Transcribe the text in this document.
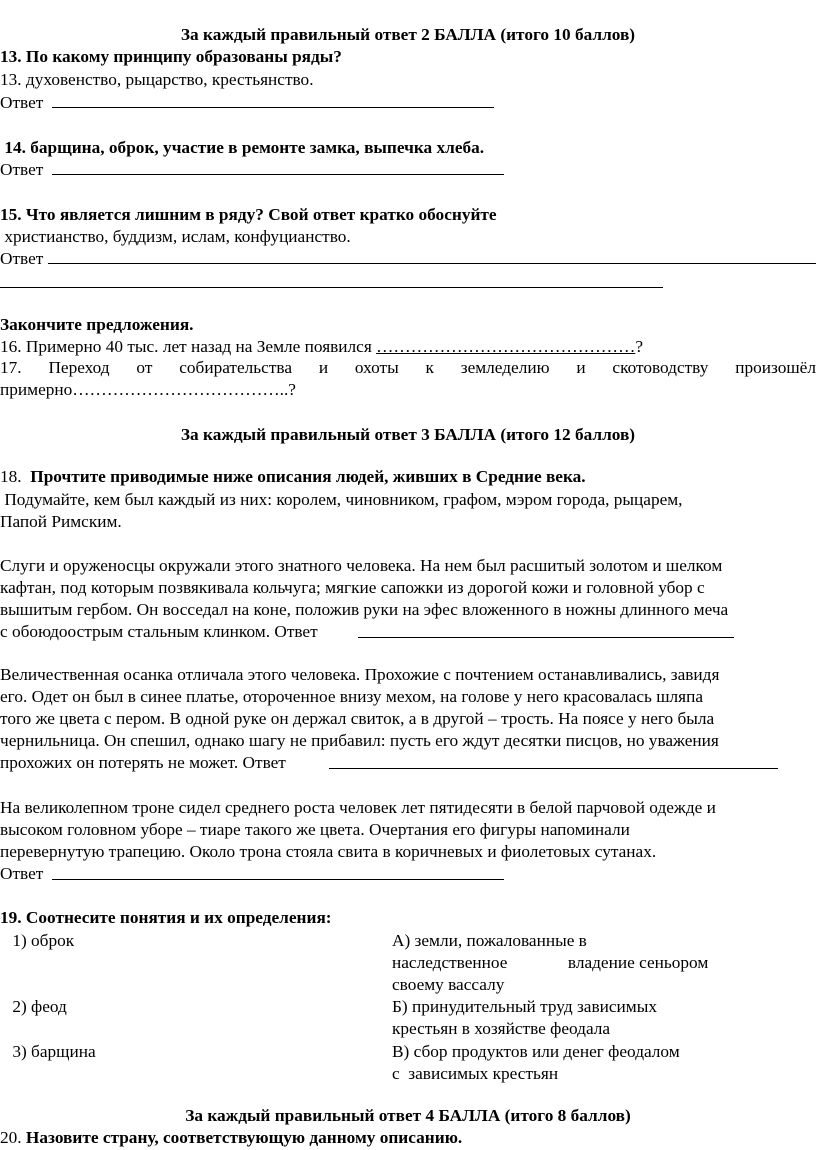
За каждый правильный ответ 2 БАЛЛА (итого 10 баллов)
13. По какому принципу образованы ряды?
13. духовенство, рыцарство, крестьянство.
Ответ
14. барщина, оброк, участие в ремонте замка, выпечка хлеба.
Ответ
15. Что является лишним в ряду? Свой ответ кратко обоснуйте
христианство, буддизм, ислам, конфуцианство.
Ответ
Закончите предложения.
16. Примерно 40 тыс. лет назад на Земле появился ………………………………………?
17. Переход от собирательства и охоты к земледелию и скотоводству произошёл
примерно………………………………..?
За каждый правильный ответ 3 БАЛЛА (итого 12 баллов)
18.  Прочтите приводимые ниже описания людей, живших в Средние века.
Подумайте, кем был каждый из них: королем, чиновником, графом, мэром города, рыцарем,
Папой Римским.
Слуги и оруженосцы окружали этого знатного человека. На нем был расшитый золотом и шелком
кафтан, под которым позвякивала кольчуга; мягкие сапожки из дорогой кожи и головной убор с
вышитым гербом. Он восседал на коне, положив руки на эфес вложенного в ножны длинного меча
с обоюдоострым стальным клинком. Ответ
Величественная осанка отличала этого человека. Прохожие с почтением останавливались, завидя
его. Одет он был в синее платье, отороченное внизу мехом, на голове у него красовалась шляпа
того же цвета с пером. В одной руке он держал свиток, а в другой – трость. На поясе у него была
чернильница. Он спешил, однако шагу не прибавил: пусть его ждут десятки писцов, но уважения
прохожих он потерять не может. Ответ
На великолепном троне сидел среднего роста человек лет пятидесяти в белой парчовой одежде и
высоком головном уборе – тиаре такого же цвета. Очертания его фигуры напоминали
перевернутую трапецию. Около трона стояла свита в коричневых и фиолетовых сутанах.
Ответ
19. Соотнесите понятия и их определения:
1) оброк	А) земли, пожалованные в
наследственное              владение сеньором
своему вассалу
2) феод	Б) принудительный труд зависимых
крестьян в хозяйстве феодала
3) барщина	В) сбор продуктов или денег феодалом
с  зависимых крестьян
За каждый правильный ответ 4 БАЛЛА (итого 8 баллов)
20. Назовите страну, соответствующую данному описанию.
